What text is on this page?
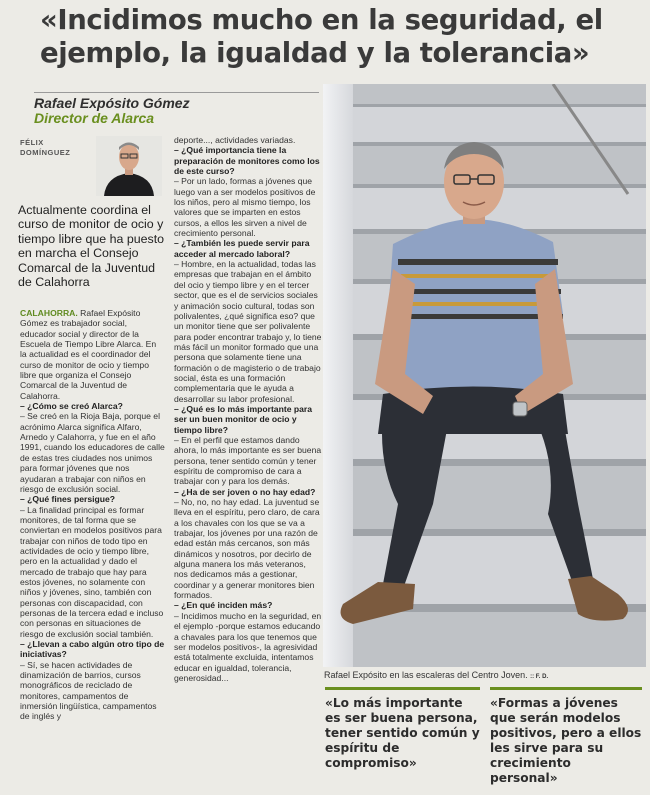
«Incidimos mucho en la seguridad, el ejemplo, la igualdad y la tolerancia»
Rafael Expósito Gómez
Director de Alarca
FÉLIX
DOMÍNGUEZ
Actualmente coordina el curso de monitor de ocio y tiempo libre que ha puesto en marcha el Consejo Comarcal de la Juventud de Calahorra

CALAHORRA. Rafael Expósito Gómez es trabajador social, educador social y director de la Escuela de Tiempo Libre Alarca. En la actualidad es el coordinador del curso de monitor de ocio y tiempo libre que organiza el Consejo Comarcal de la Juventud de Calahorra.

– ¿Cómo se creó Alarca?

– Se creó en la Rioja Baja, porque el acrónimo Alarca significa Alfaro, Arnedo y Calahorra, y fue en el año 1991, cuando los educadores de calle de estas tres ciudades nos unimos para formar jóvenes que nos ayudaran a trabajar con niños en riesgo de exclusión social.

– ¿Qué fines persigue?

– La finalidad principal es formar monitores, de tal forma que se conviertan en modelos positivos para trabajar con niños de todo tipo en actividades de ocio y tiempo libre, pero en la actualidad y dado el mercado de trabajo que hay para estos jóvenes, no solamente con niños y jóvenes, sino, también con personas con discapacidad, con personas de la tercera edad e incluso con personas en situaciones de riesgo de exclusión social también.

– ¿Llevan a cabo algún otro tipo de iniciativas?

– Sí, se hacen actividades de dinamización de barrios, cursos monográficos de reciclado de monitores, campamentos de inmersión lingüística, campamentos de inglés y

deporte..., actividades variadas.

– ¿Qué importancia tiene la preparación de monitores como los de este curso?

– Por un lado, formas a jóvenes que luego van a ser modelos positivos de los niños, pero al mismo tiempo, los valores que se imparten en estos cursos, a ellos les sirven a nivel de crecimiento personal.

– ¿También les puede servir para acceder al mercado laboral?

– Hombre, en la actualidad, todas las empresas que trabajan en el ámbito del ocio y tiempo libre y en el tercer sector, que es el de servicios sociales y animación socio cultural, todas son polivalentes, ¿qué significa eso? que un monitor tiene que ser polivalente para poder encontrar trabajo y, lo tiene más fácil un monitor formado que una persona que solamente tiene una formación o de magisterio o de trabajo social, ésta es una formación complementaria que le ayuda a desarrollar su labor profesional.

– ¿Qué es lo más importante para ser un buen monitor de ocio y tiempo libre?

– En el perfil que estamos dando ahora, lo más importante es ser buena persona, tener sentido común y tener espíritu de compromiso de cara a trabajar con y para los demás.

– ¿Ha de ser joven o no hay edad?

– No, no, no hay edad. La juventud se lleva en el espíritu, pero claro, de cara a los chavales con los que se va a trabajar, los jóvenes por una razón de edad están más cercanos, son más dinámicos y nosotros, por decirlo de alguna manera los más veteranos, nos dedicamos más a gestionar, coordinar y a generar monitores bien formados.

– ¿En qué inciden más?

– Incidimos mucho en la seguridad, en el ejemplo -porque estamos educando a chavales para los que tenemos que ser modelos positivos-, la agresividad está totalmente excluida, intentamos educar en igualdad, tolerancia, generosidad...	Rafael Expósito en las escaleras del Centro Joven. :: F. D.
«Lo más importante es ser buena persona, tener sentido común y espíritu de compromiso»
«Formas a jóvenes que serán modelos positivos, pero a ellos les sirve para su crecimiento personal»
